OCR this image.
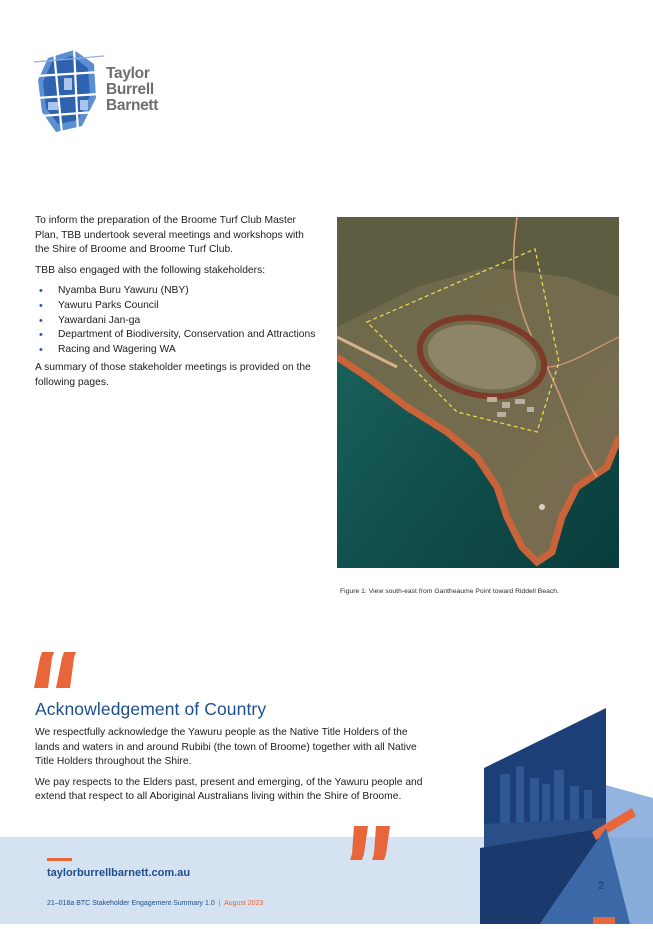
Taylor
Burrell
Barnett

To inform the preparation of the Broome Turf Club Master Plan, TBB undertook several meetings and workshops with the Shire of Broome and Broome Turf Club.

TBB also engaged with the following stakeholders:

• Nyamba Buru Yawuru (NBY)
• Yawuru Parks Council
• Yawardani Jan-ga
• Department of Biodiversity, Conservation and Attractions
• Racing and Wagering WA

A summary of those stakeholder meetings is provided on the following pages.

Figure 1: View south-east from Gantheaume Point toward Riddell Beach.
Acknowledgement of Country

We respectfully acknowledge the Yawuru people as the Native Title Holders of the lands and waters in and around Rubibi (the town of Broome) together with all Native Title Holders throughout the Shire.

We pay respects to the Elders past, present and emerging, of the Yawuru people and extend that respect to all Aboriginal Australians living within the Shire of Broome.

taylorburrellbarnett.com.au
21–018a BTC Stakeholder Engagement Summary 1.0 | August 2023
2
